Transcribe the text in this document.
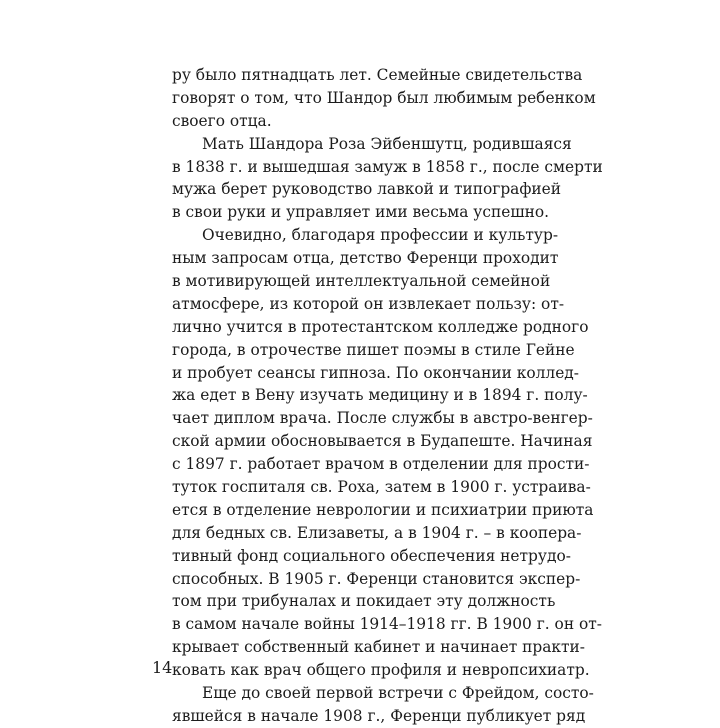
ру было пятнадцать лет. Семейные свидетельства
говорят о том, что Шандор был любимым ребенком
своего отца.
Мать Шандора Роза Эйбеншутц, родившаяся
в 1838 г. и вышедшая замуж в 1858 г., после смерти
мужа берет руководство лавкой и типографией
в свои руки и управляет ими весьма успешно.
Очевидно, благодаря профессии и культур-
ным запросам отца, детство Ференци проходит
в мотивирующей интеллектуальной семейной
атмосфере, из которой он извлекает пользу: от-
лично учится в протестантском колледже родного
города, в отрочестве пишет поэмы в стиле Гейне
и пробует сеансы гипноза. По окончании коллед-
жа едет в Вену изучать медицину и в 1894 г. полу-
чает диплом врача. После службы в австро-венгер-
ской армии обосновывается в Будапеште. Начиная
с 1897 г. работает врачом в отделении для прости-
туток госпиталя св. Роха, затем в 1900 г. устраива-
ется в отделение неврологии и психиатрии приюта
для бедных св. Елизаветы, а в 1904 г. – в коопера-
тивный фонд социального обеспечения нетрудо-
способных. В 1905 г. Ференци становится экспер-
том при трибуналах и покидает эту должность
в самом начале войны 1914–1918 гг. В 1900 г. он от-
крывает собственный кабинет и начинает практи-
ковать как врач общего профиля и невропсихиатр.
Еще до своей первой встречи с Фрейдом, состо-
явшейся в начале 1908 г., Ференци публикует ряд
14
